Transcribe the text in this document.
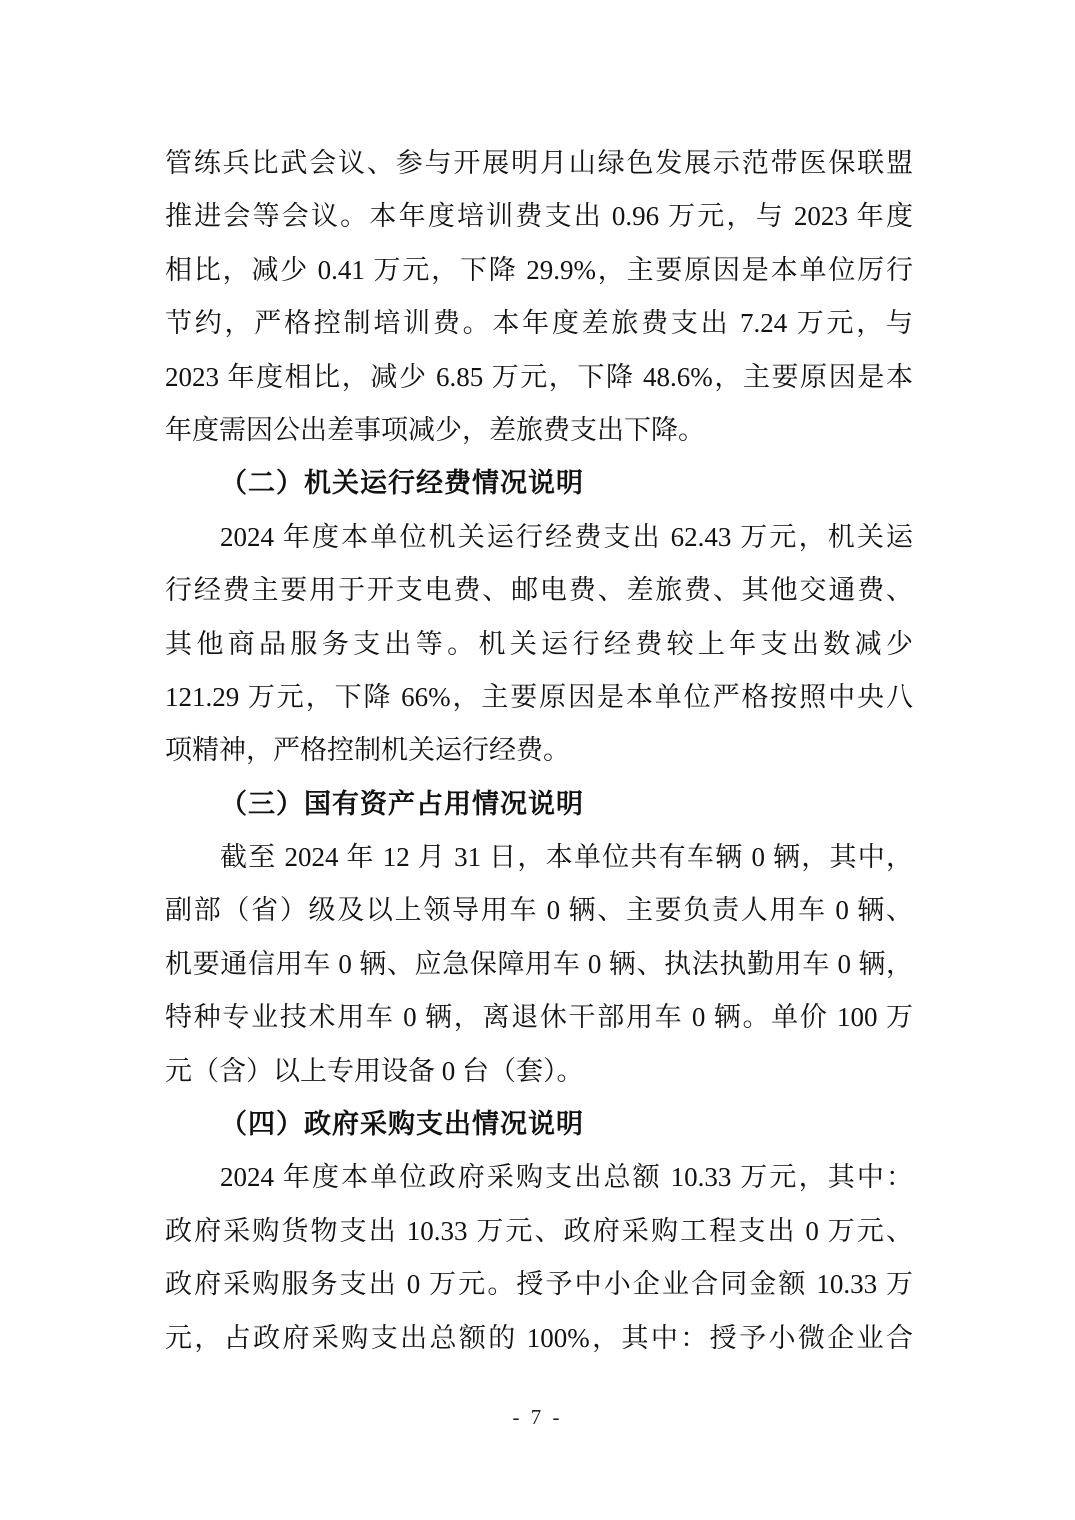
管练兵比武会议、参与开展明月山绿色发展示范带医保联盟
推进会等会议。本年度培训费支出 0.96 万元，与 2023 年度
相比，减少 0.41 万元，下降 29.9%，主要原因是本单位厉行
节约，严格控制培训费。本年度差旅费支出 7.24 万元，与
2023 年度相比，减少 6.85 万元，下降 48.6%，主要原因是本
年度需因公出差事项减少，差旅费支出下降。
（二）机关运行经费情况说明
2024 年度本单位机关运行经费支出 62.43 万元，机关运
行经费主要用于开支电费、邮电费、差旅费、其他交通费、
其他商品服务支出等。机关运行经费较上年支出数减少
121.29 万元，下降 66%，主要原因是本单位严格按照中央八
项精神，严格控制机关运行经费。
（三）国有资产占用情况说明
截至 2024 年 12 月 31 日，本单位共有车辆 0 辆，其中，
副部（省）级及以上领导用车 0 辆、主要负责人用车 0 辆、
机要通信用车 0 辆、应急保障用车 0 辆、执法执勤用车 0 辆，
特种专业技术用车 0 辆，离退休干部用车 0 辆。单价 100 万
元（含）以上专用设备 0 台（套）。
（四）政府采购支出情况说明
2024 年度本单位政府采购支出总额 10.33 万元，其中：
政府采购货物支出 10.33 万元、政府采购工程支出 0 万元、
政府采购服务支出 0 万元。授予中小企业合同金额 10.33 万
元，占政府采购支出总额的 100%，其中：授予小微企业合
- 7 -
